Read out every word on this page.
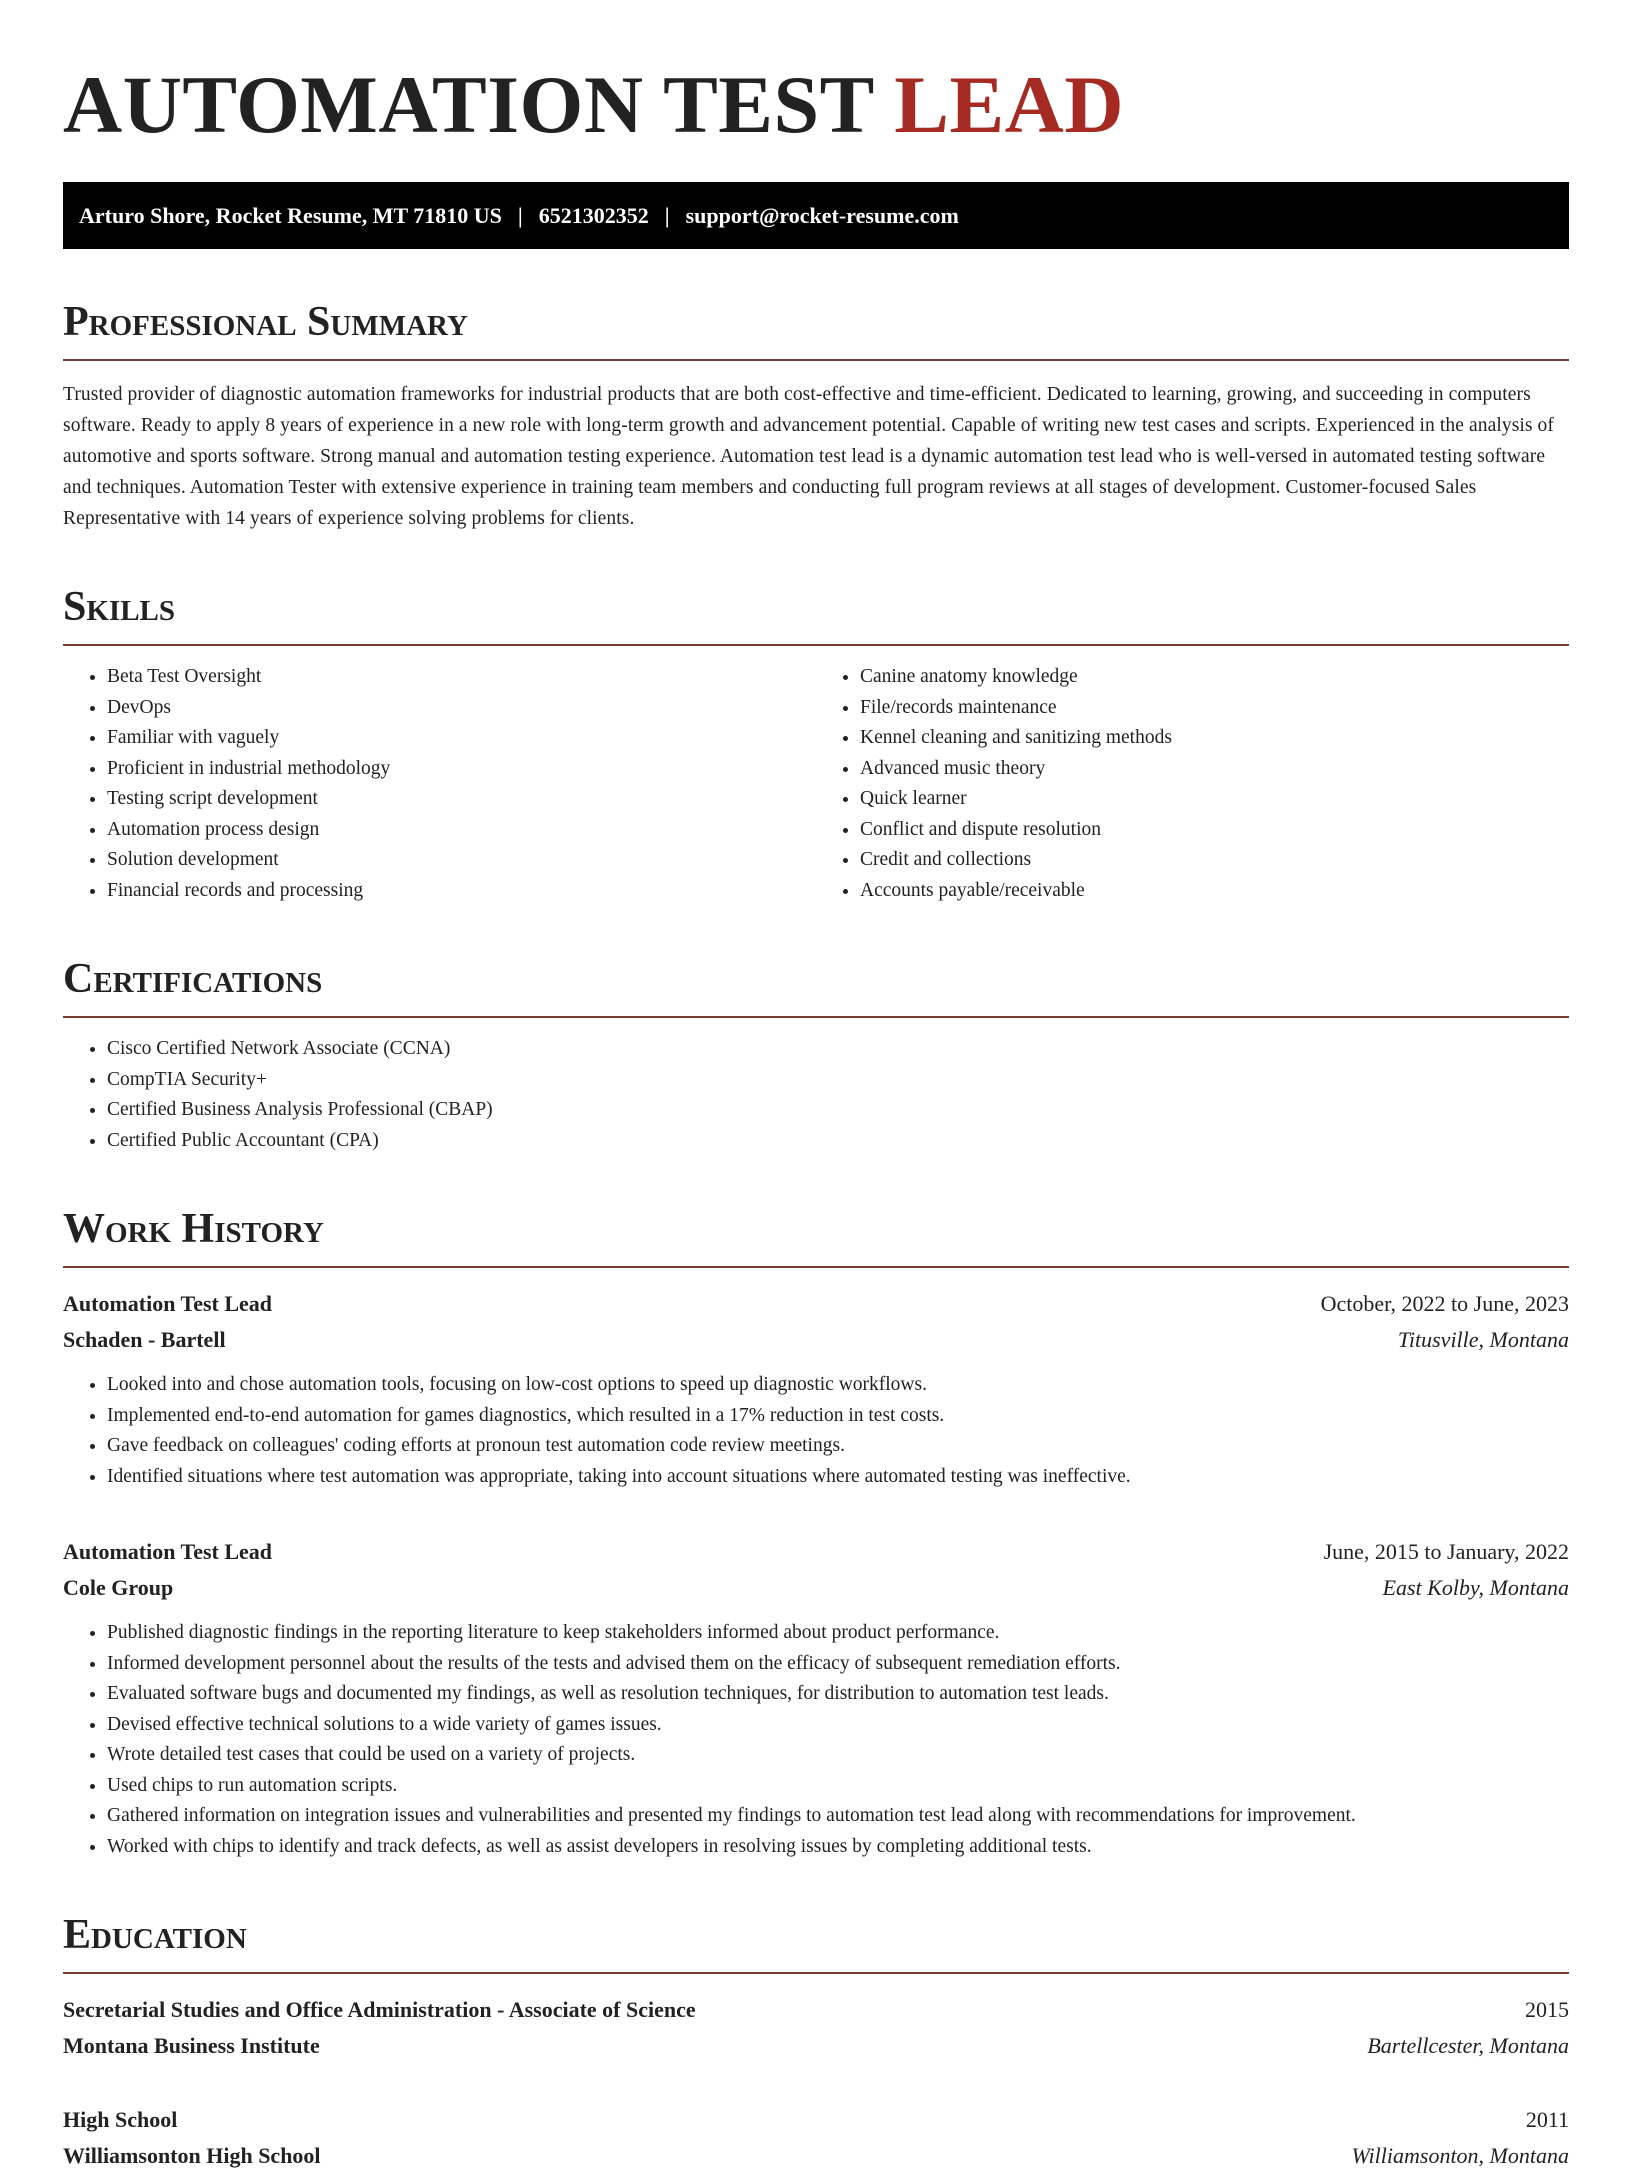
AUTOMATION TEST LEAD
Arturo Shore, Rocket Resume, MT 71810 US | 6521302352 | support@rocket-resume.com
Professional Summary

Trusted provider of diagnostic automation frameworks for industrial products that are both cost-effective and time-efficient. Dedicated to learning, growing, and succeeding in computers software. Ready to apply 8 years of experience in a new role with long-term growth and advancement potential. Capable of writing new test cases and scripts. Experienced in the analysis of automotive and sports software. Strong manual and automation testing experience. Automation test lead is a dynamic automation test lead who is well-versed in automated testing software and techniques. Automation Tester with extensive experience in training team members and conducting full program reviews at all stages of development. Customer-focused Sales Representative with 14 years of experience solving problems for clients.

Skills
• Beta Test Oversight
• DevOps
• Familiar with vaguely
• Proficient in industrial methodology
• Testing script development
• Automation process design
• Solution development
• Financial records and processing
• Canine anatomy knowledge
• File/records maintenance
• Kennel cleaning and sanitizing methods
• Advanced music theory
• Quick learner
• Conflict and dispute resolution
• Credit and collections
• Accounts payable/receivable
Certifications
• Cisco Certified Network Associate (CCNA)
• CompTIA Security+
• Certified Business Analysis Professional (CBAP)
• Certified Public Accountant (CPA)
Work History
Automation Test Lead	October, 2022 to June, 2023
Schaden - Bartell	Titusville, Montana
• Looked into and chose automation tools, focusing on low-cost options to speed up diagnostic workflows.
• Implemented end-to-end automation for games diagnostics, which resulted in a 17% reduction in test costs.
• Gave feedback on colleagues' coding efforts at pronoun test automation code review meetings.
• Identified situations where test automation was appropriate, taking into account situations where automated testing was ineffective.
Automation Test Lead	June, 2015 to January, 2022
Cole Group	East Kolby, Montana
• Published diagnostic findings in the reporting literature to keep stakeholders informed about product performance.
• Informed development personnel about the results of the tests and advised them on the efficacy of subsequent remediation efforts.
• Evaluated software bugs and documented my findings, as well as resolution techniques, for distribution to automation test leads.
• Devised effective technical solutions to a wide variety of games issues.
• Wrote detailed test cases that could be used on a variety of projects.
• Used chips to run automation scripts.
• Gathered information on integration issues and vulnerabilities and presented my findings to automation test lead along with recommendations for improvement.
• Worked with chips to identify and track defects, as well as assist developers in resolving issues by completing additional tests.
Education
Secretarial Studies and Office Administration - Associate of Science	2015
Montana Business Institute	Bartellcester, Montana
High School	2011
Williamsonton High School	Williamsonton, Montana
